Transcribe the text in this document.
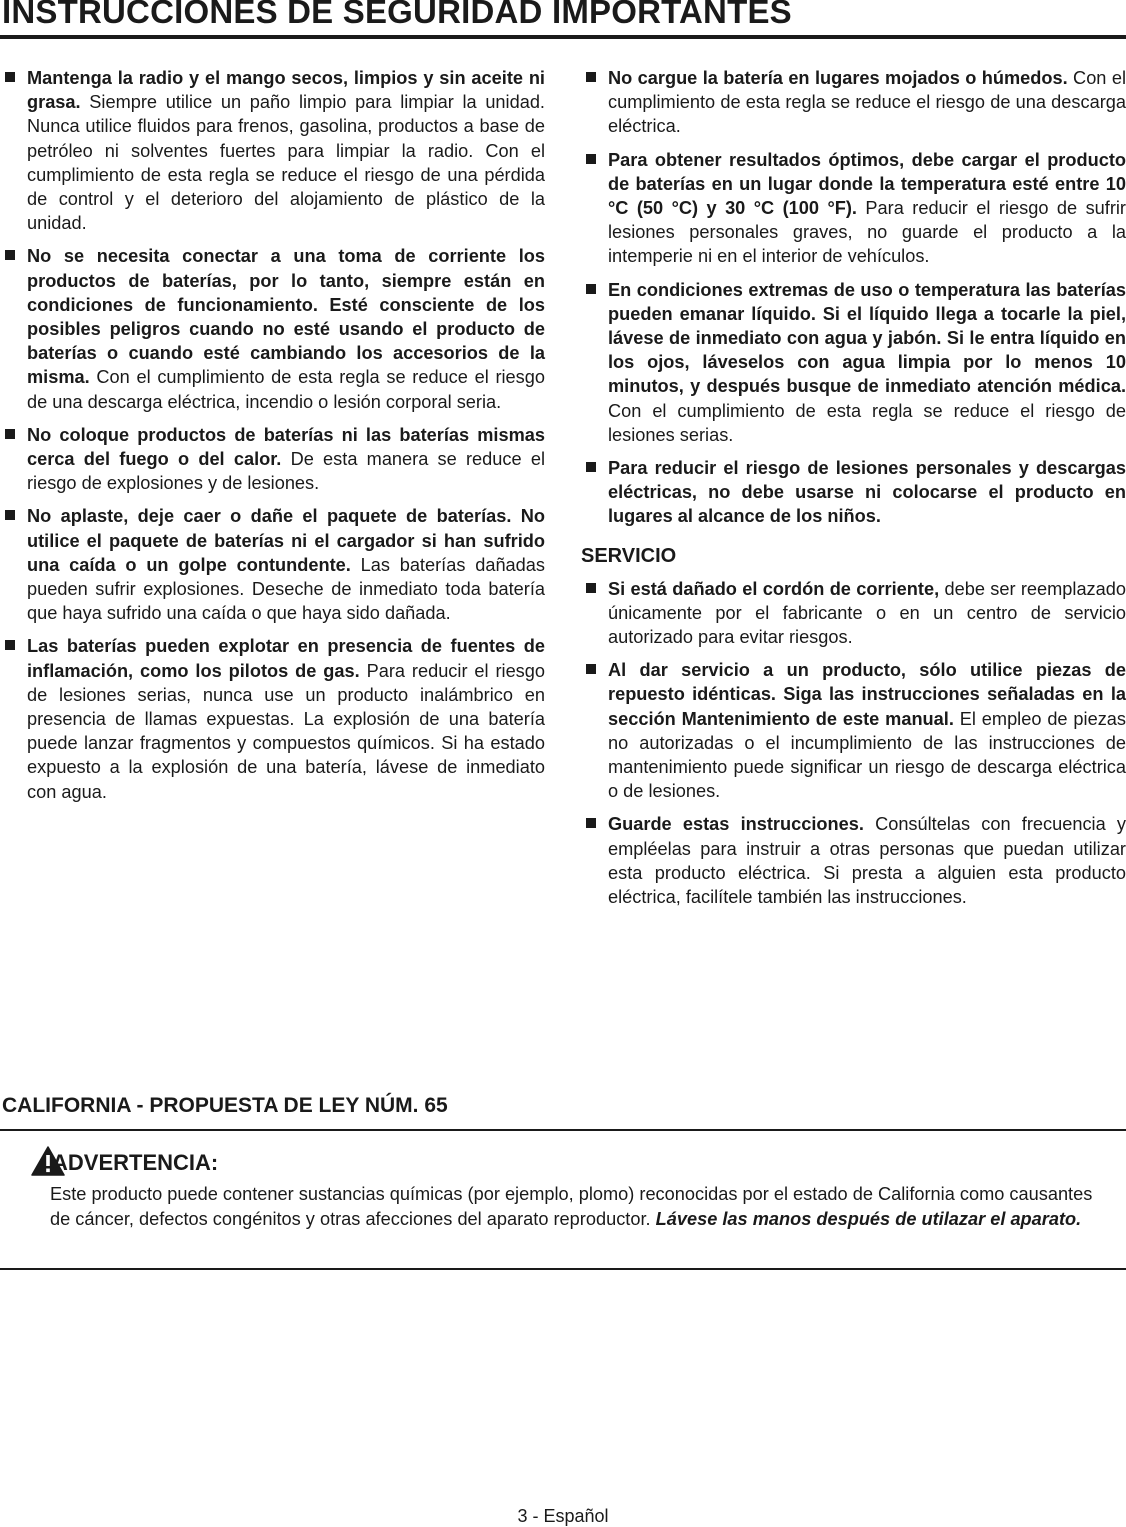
INSTRUCCIONES DE SEGURIDAD IMPORTANTES
Mantenga la radio y el mango secos, limpios y sin aceite ni grasa. Siempre utilice un paño limpio para limpiar la unidad. Nunca utilice fluidos para frenos, gasolina, productos a base de petróleo ni solventes fuertes para limpiar la radio. Con el cumplimiento de esta regla se reduce el riesgo de una pérdida de control y el deterioro del alojamiento de plástico de la unidad.
No se necesita conectar a una toma de corriente los productos de baterías, por lo tanto, siempre están en condiciones de funcionamiento. Esté consciente de los posibles peligros cuando no esté usando el producto de baterías o cuando esté cambiando los accesorios de la misma. Con el cumplimiento de esta regla se reduce el riesgo de una descarga eléctrica, incendio o lesión corporal seria.
No coloque productos de baterías ni las baterías mismas cerca del fuego o del calor. De esta manera se reduce el riesgo de explosiones y de lesiones.
No aplaste, deje caer o dañe el paquete de baterías. No utilice el paquete de baterías ni el cargador si han sufrido una caída o un golpe contundente. Las baterías dañadas pueden sufrir explosiones. Deseche de inmediato toda batería que haya sufrido una caída o que haya sido dañada.
Las baterías pueden explotar en presencia de fuentes de inflamación, como los pilotos de gas. Para reducir el riesgo de lesiones serias, nunca use un producto inalámbrico en presencia de llamas expuestas. La explosión de una batería puede lanzar fragmentos y compuestos químicos. Si ha estado expuesto a la explosión de una batería, lávese de inmediato con agua.
No cargue la batería en lugares mojados o húmedos. Con el cumplimiento de esta regla se reduce el riesgo de una descarga eléctrica.
Para obtener resultados óptimos, debe cargar el producto de baterías en un lugar donde la temperatura esté entre 10 °C (50 °C) y 30 °C (100 °F). Para reducir el riesgo de sufrir lesiones personales graves, no guarde el producto a la intemperie ni en el interior de vehículos.
En condiciones extremas de uso o temperatura las baterías pueden emanar líquido. Si el líquido llega a tocarle la piel, lávese de inmediato con agua y jabón. Si le entra líquido en los ojos, láveselos con agua limpia por lo menos 10 minutos, y después busque de inmediato atención médica. Con el cumplimiento de esta regla se reduce el riesgo de lesiones serias.
Para reducir el riesgo de lesiones personales y descargas eléctricas, no debe usarse ni colocarse el producto en lugares al alcance de los niños.
SERVICIO
Si está dañado el cordón de corriente, debe ser reemplazado únicamente por el fabricante o en un centro de servicio autorizado para evitar riesgos.
Al dar servicio a un producto, sólo utilice piezas de repuesto idénticas. Siga las instrucciones señaladas en la sección Mantenimiento de este manual. El empleo de piezas no autorizadas o el incumplimiento de las instrucciones de mantenimiento puede significar un riesgo de descarga eléctrica o de lesiones.
Guarde estas instrucciones. Consúltelas con frecuencia y empléelas para instruir a otras personas que puedan utilizar esta producto eléctrica. Si presta a alguien esta producto eléctrica, facilítele también las instrucciones.
CALIFORNIA - PROPUESTA DE LEY NÚM. 65
ADVERTENCIA:
Este producto puede contener sustancias químicas (por ejemplo, plomo) reconocidas por el estado de California como causantes de cáncer, defectos congénitos y otras afecciones del aparato reproductor. Lávese las manos después de utilazar el aparato.
3 - Español
